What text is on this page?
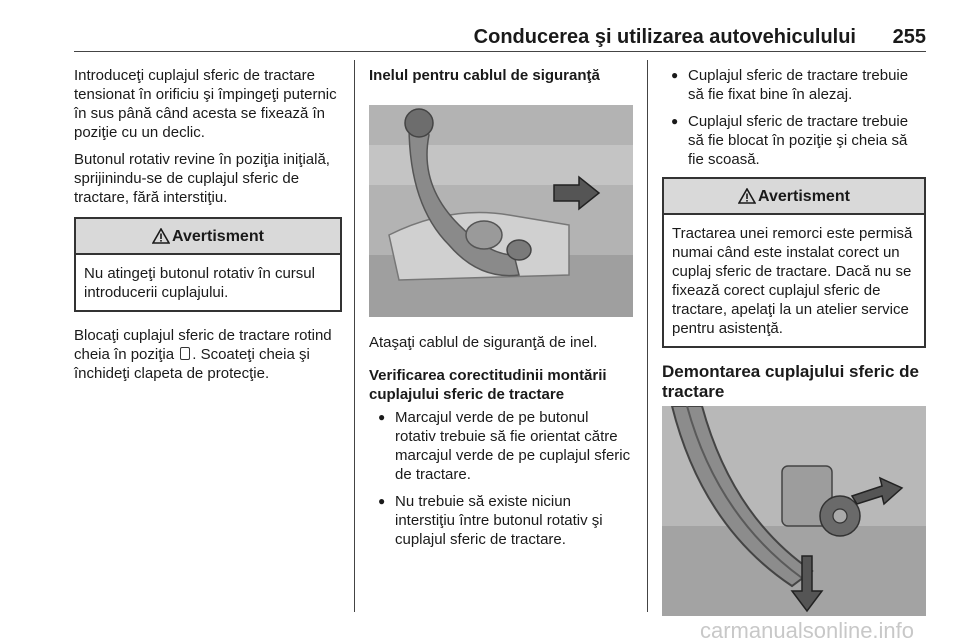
Conducerea şi utilizarea autovehiculului 255

Introduceţi cuplajul sferic de tractare tensionat în orificiu şi împingeţi puternic în sus până când acesta se fixează în poziţie cu un declic.

Butonul rotativ revine în poziţia iniţială, sprijinindu-se de cuplajul sferic de tractare, fără interstiţiu.

Avertisment
Nu atingeţi butonul rotativ în cursul introducerii cuplajului.

Blocaţi cuplajul sferic de tractare rotind cheia în poziţia . Scoateţi cheia şi închideţi clapeta de protecţie.

Inelul pentru cablul de siguranţă

Ataşaţi cablul de siguranţă de inel.

Verificarea corectitudinii montării cuplajului sferic de tractare
● Marcajul verde de pe butonul rotativ trebuie să fie orientat către marcajul verde de pe cuplajul sferic de tractare.
● Nu trebuie să existe niciun interstiţiu între butonul rotativ şi cuplajul sferic de tractare.
● Cuplajul sferic de tractare trebuie să fie fixat bine în alezaj.
● Cuplajul sferic de tractare trebuie să fie blocat în poziţie şi cheia să fie scoasă.
Avertisment
Tractarea unei remorci este permisă numai când este instalat corect un cuplaj sferic de tractare. Dacă nu se fixează corect cuplajul sferic de tractare, apelaţi la un atelier service pentru asistenţă.
Demontarea cuplajului sferic de tractare
carmanualsonline.info
